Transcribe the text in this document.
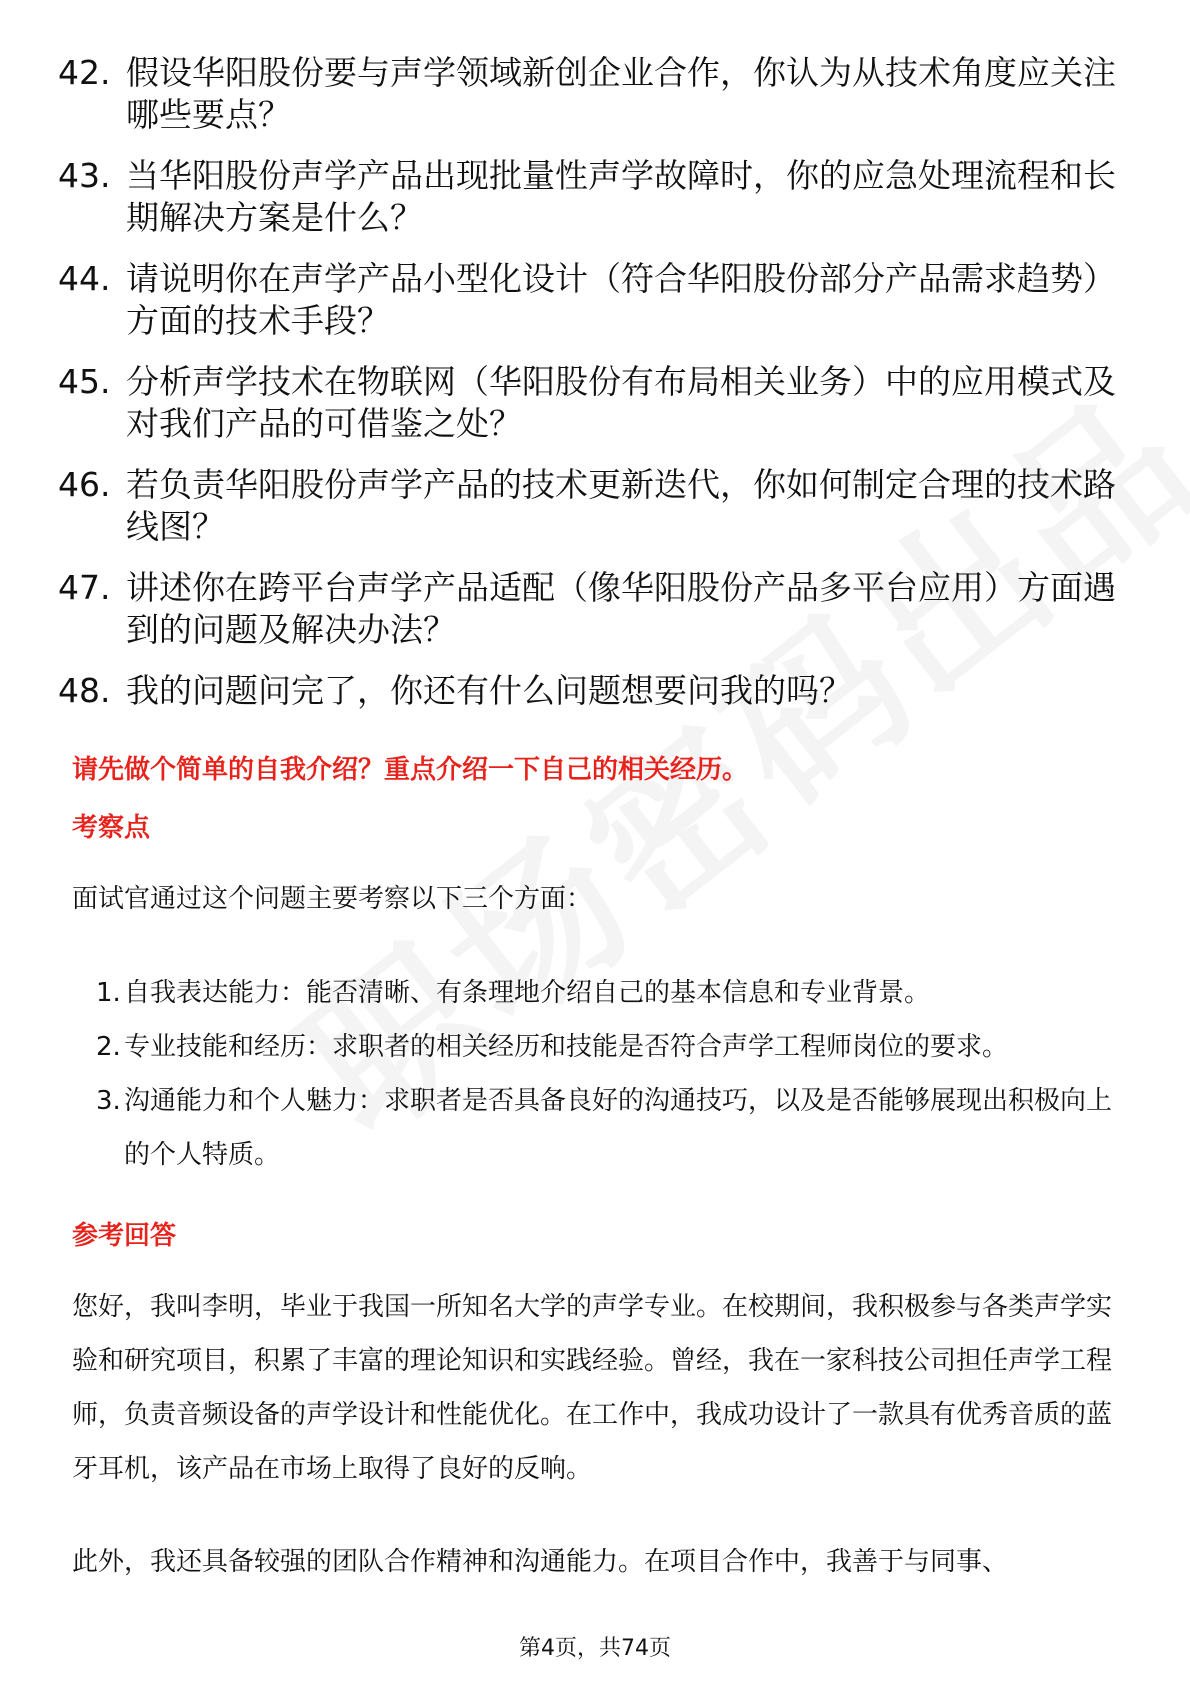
42. 假设华阳股份要与声学领域新创企业合作，你认为从技术角度应关注哪些要点？
43. 当华阳股份声学产品出现批量性声学故障时，你的应急处理流程和长期解决方案是什么？
44. 请说明你在声学产品小型化设计（符合华阳股份部分产品需求趋势）方面的技术手段？
45. 分析声学技术在物联网（华阳股份有布局相关业务）中的应用模式及对我们产品的可借鉴之处？
46. 若负责华阳股份声学产品的技术更新迭代，你如何制定合理的技术路线图？
47. 讲述你在跨平台声学产品适配（像华阳股份产品多平台应用）方面遇到的问题及解决办法？
48. 我的问题问完了，你还有什么问题想要问我的吗？

请先做个简单的自我介绍？重点介绍一下自己的相关经历。

考察点

面试官通过这个问题主要考察以下三个方面：

1. 自我表达能力：能否清晰、有条理地介绍自己的基本信息和专业背景。
2. 专业技能和经历：求职者的相关经历和技能是否符合声学工程师岗位的要求。
3. 沟通能力和个人魅力：求职者是否具备良好的沟通技巧，以及是否能够展现出积极向上的个人特质。

参考回答

您好，我叫李明，毕业于我国一所知名大学的声学专业。在校期间，我积极参与各类声学实验和研究项目，积累了丰富的理论知识和实践经验。曾经，我在一家科技公司担任声学工程师，负责音频设备的声学设计和性能优化。在工作中，我成功设计了一款具有优秀音质的蓝牙耳机，该产品在市场上取得了良好的反响。

此外，我还具备较强的团队合作精神和沟通能力。在项目合作中，我善于与同事、

第4页，共74页
